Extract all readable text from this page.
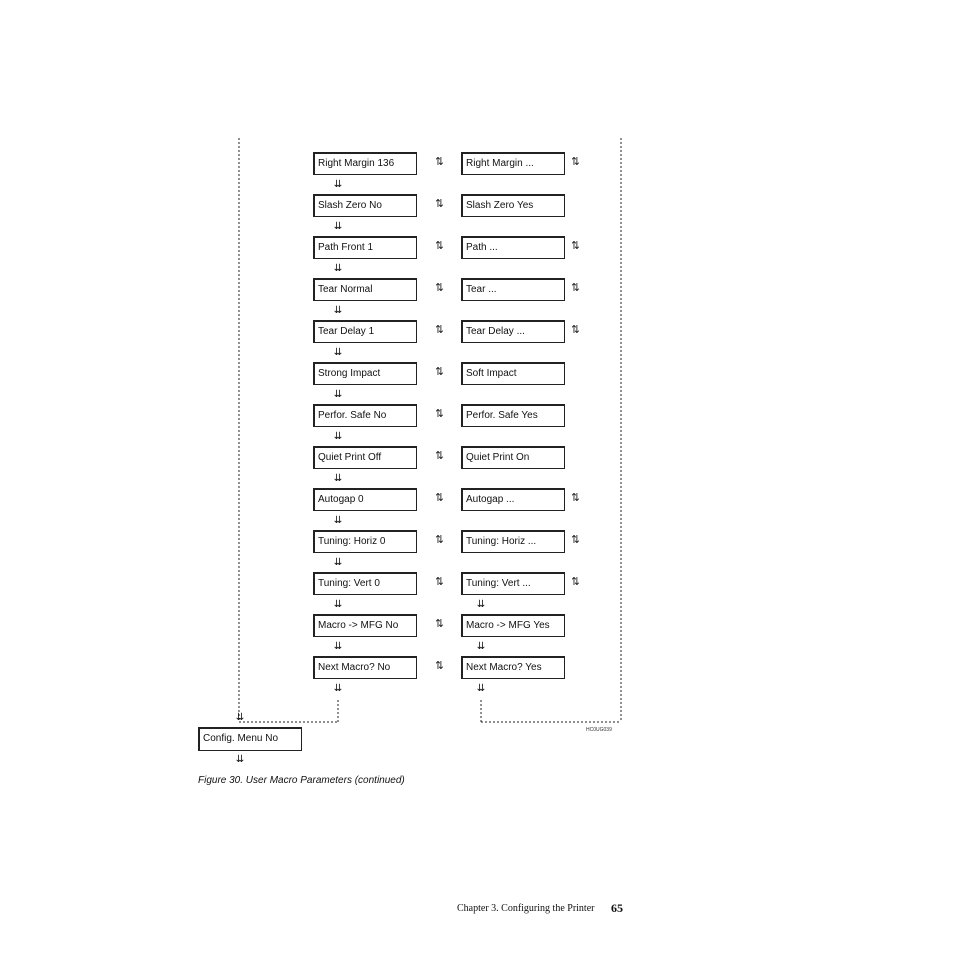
Right Margin 136	Right Margin ...
⇅	⇅
⇊
Slash Zero No	Slash Zero Yes
⇅
⇊
Path Front 1	Path ...
⇅	⇅
⇊
Tear Normal	Tear ...
⇅	⇅
⇊
Tear Delay 1	Tear Delay ...
⇅	⇅
⇊
Strong Impact	Soft Impact
⇅
⇊
Perfor. Safe No	Perfor. Safe Yes
⇅
⇊
Quiet Print Off	Quiet Print On
⇅
⇊
Autogap 0	Autogap ...
⇅	⇅
⇊
Tuning: Horiz 0	Tuning: Horiz ...
⇅	⇅
⇊
Tuning: Vert 0	Tuning: Vert ...
⇅	⇅
⇊	⇊
Macro -> MFG No	Macro -> MFG Yes
⇅
⇊	⇊
Next Macro? No	Next Macro? Yes
⇅
⇊	⇊
Config. Menu No
⇊
⇊
HC0UG039
Figure 30. User Macro Parameters (continued)
Chapter 3. Configuring the Printer 65
